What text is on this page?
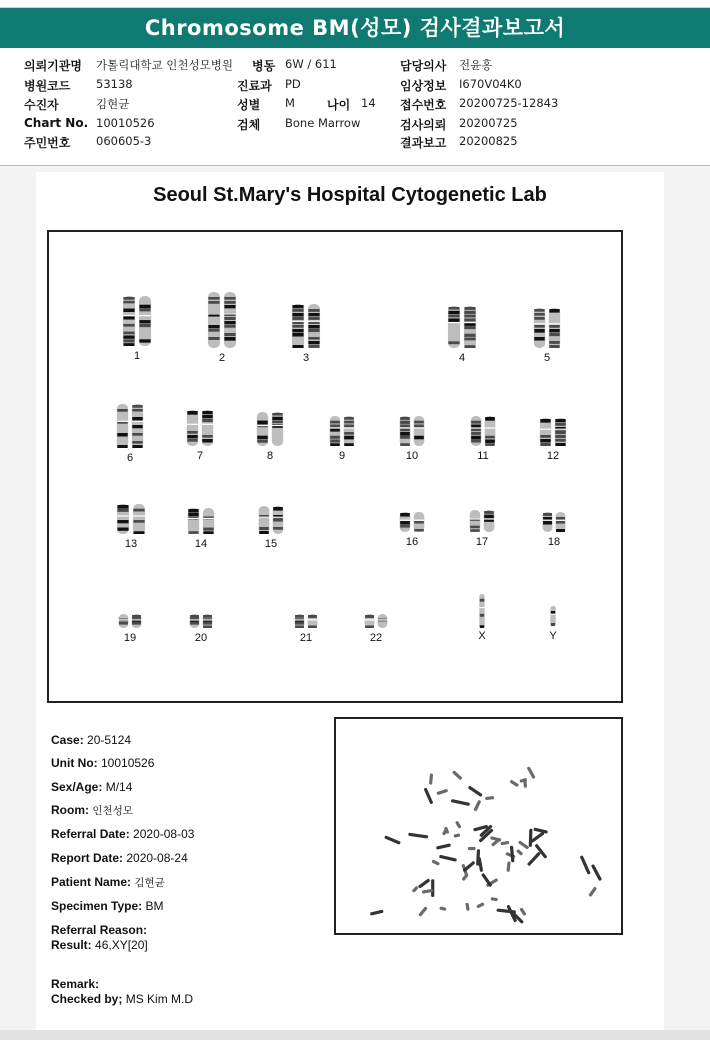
Chromosome BM(성모) 검사결과보고서
의뢰기관명 가톨릭대학교 인천성모병원 병동 6W / 611	담당의사 전윤홍
병원코드 53138	진료과 PD	임상정보 I670V04K0
수진자	김현균	성별 M	나이 14 접수번호 20200725-12843
Chart No. 10010526	검체 Bone Marrow	검사의뢰 20200725
주민번호 060605-3	결과보고 20200825
Seoul St.Mary's Hospital Cytogenetic Lab
1	2	3	4	5
6	7	8	9	10	11	12
13	14	15	16	17	18
19	20	21	22	X	Y
Case: 20-5124
Unit No: 10010526
Sex/Age: M/14
Room: 인천성모
Referral Date: 2020-08-03
Report Date: 2020-08-24
Patient Name: 김현균
Specimen Type: BM
Referral Reason:
Result: 46,XY[20]
Remark:
Checked by; MS Kim M.D
